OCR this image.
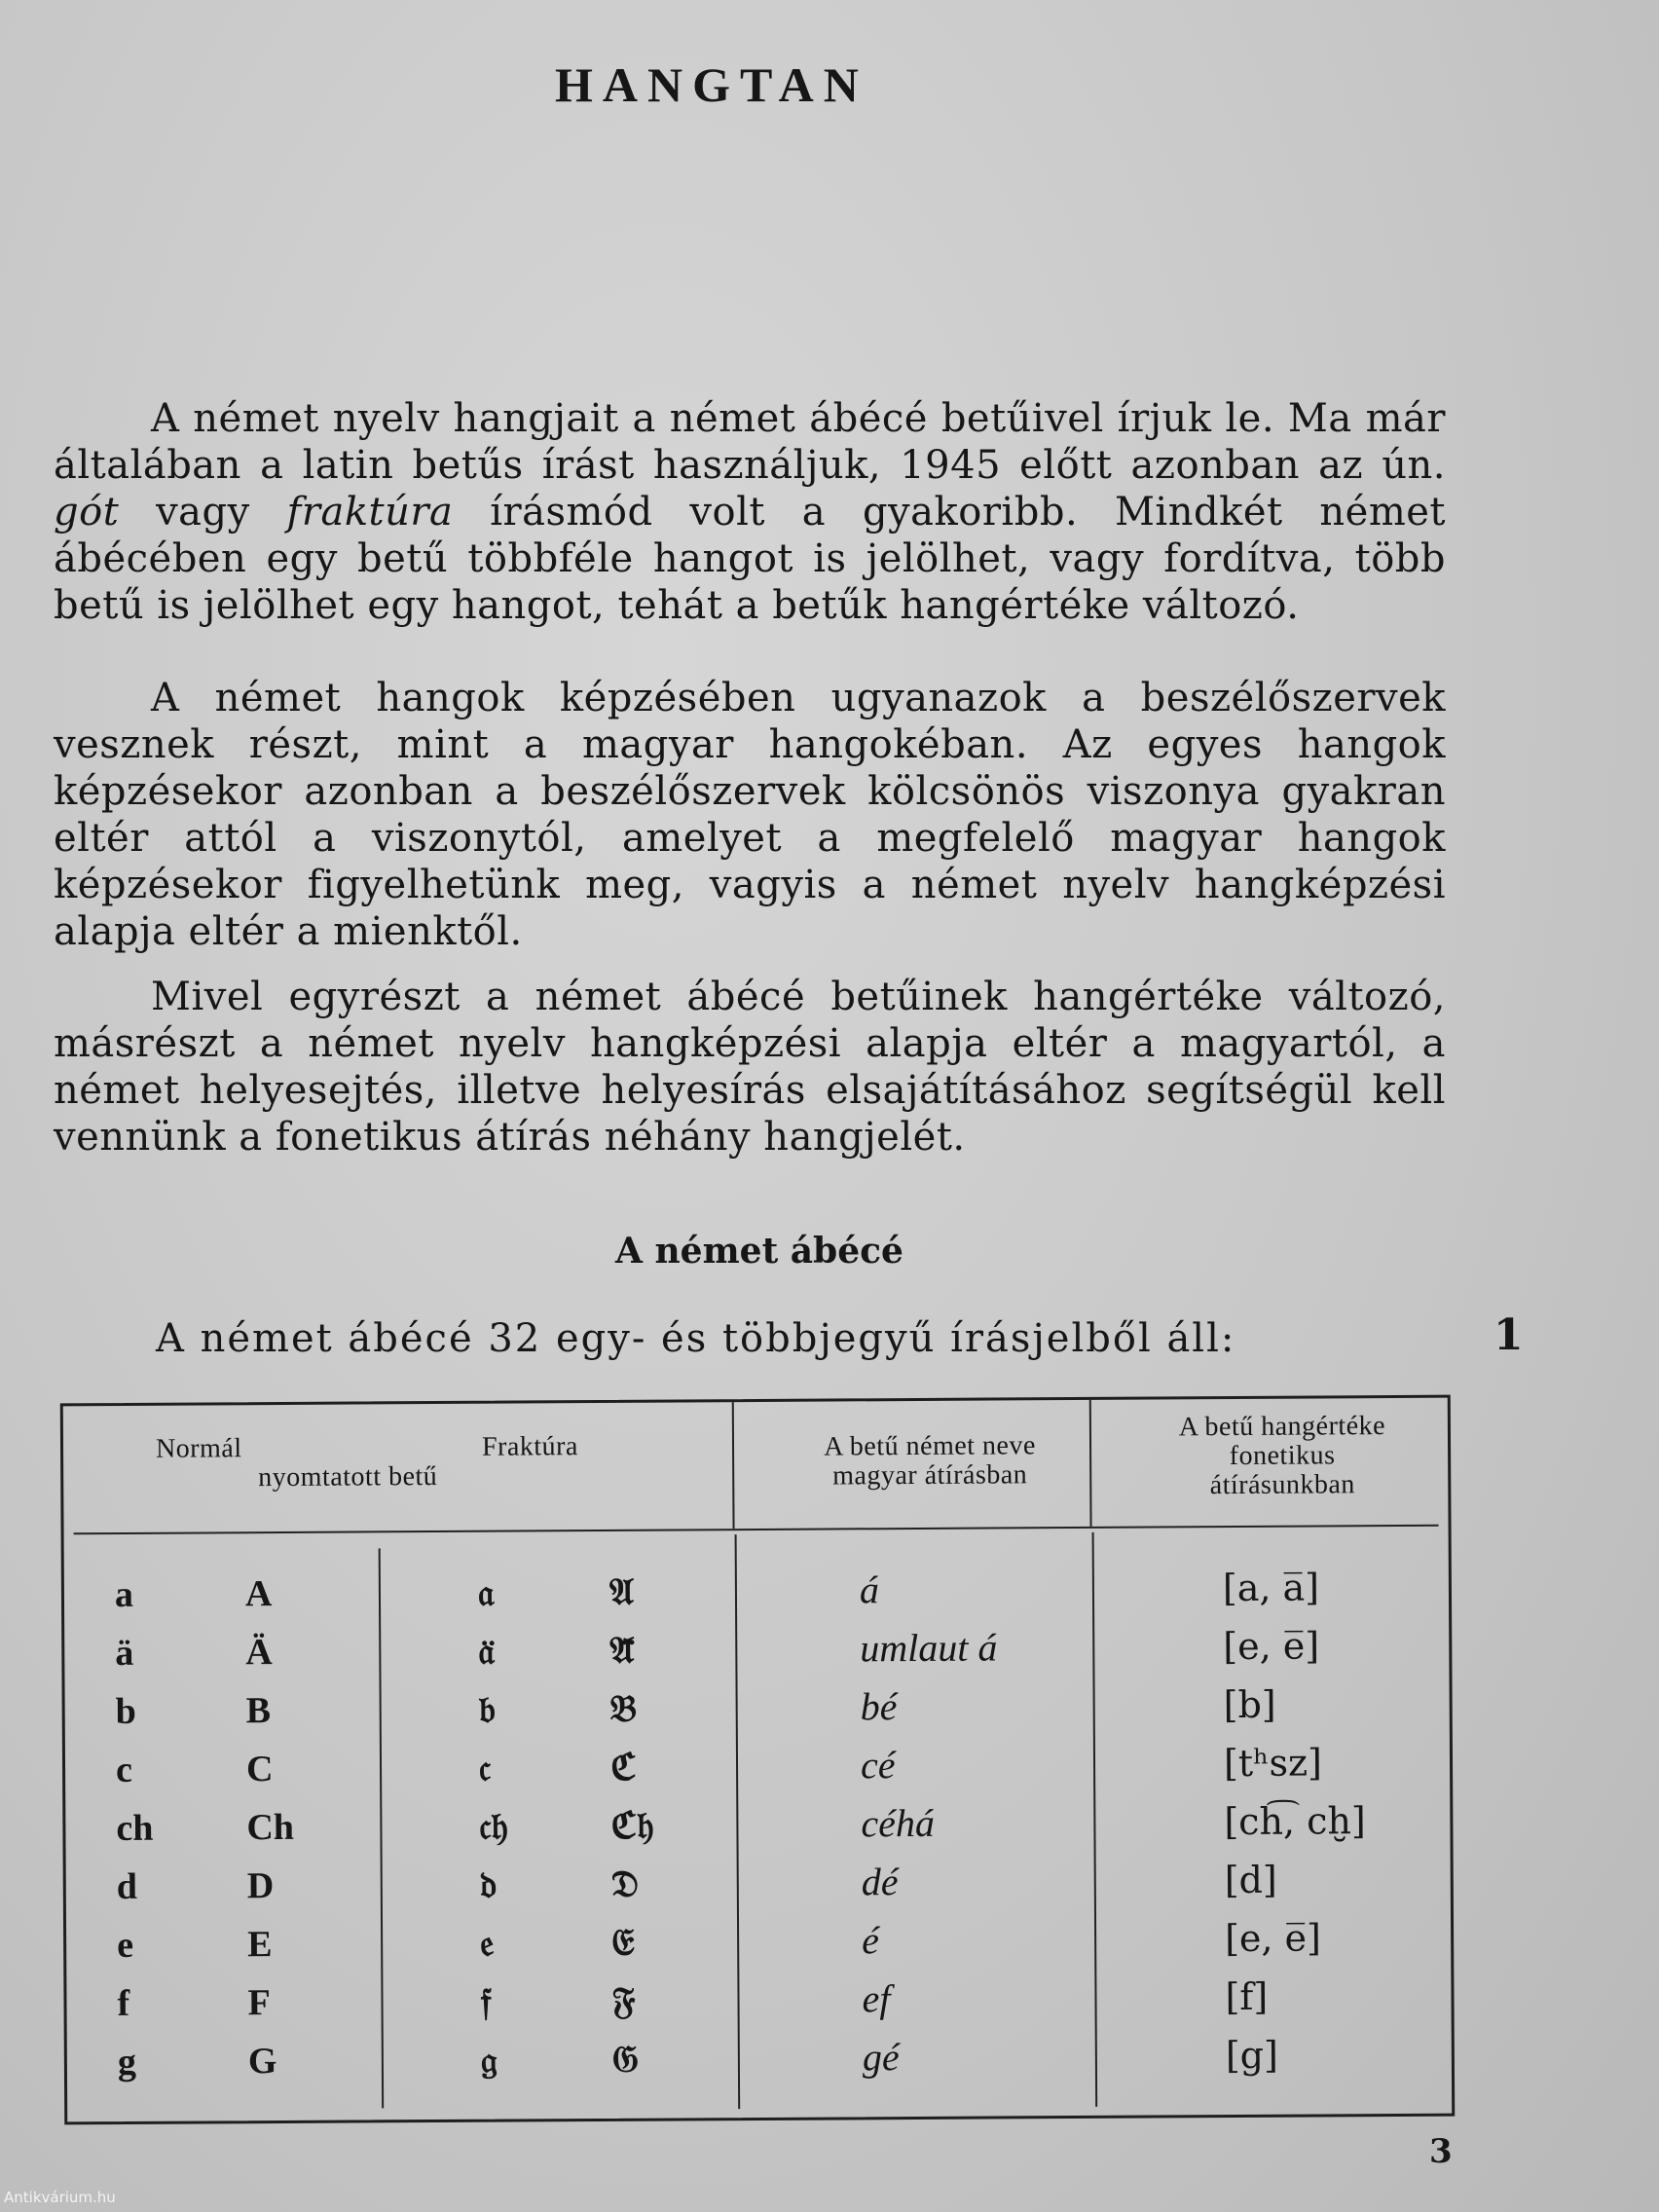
HANGTAN

A német nyelv hangjait a német ábécé betűivel írjuk le. Ma már általában a latin betűs írást használjuk, 1945 előtt azonban az ún. gót vagy fraktúra írásmód volt a gyakoribb. Mindkét német ábécében egy betű többféle hangot is jelölhet, vagy fordítva, több betű is jelölhet egy hangot, tehát a betűk hangértéke változó.

A német hangok képzésében ugyanazok a beszélőszervek vesznek részt, mint a magyar hangokéban. Az egyes hangok képzésekor azonban a beszélőszervek kölcsönös viszonya gyakran eltér attól a viszonytól, amelyet a megfelelő magyar hangok képzésekor figyelhetünk meg, vagyis a német nyelv hangképzési alapja eltér a mienktől.

Mivel egyrészt a német ábécé betűinek hangértéke változó, másrészt a német nyelv hangképzési alapja eltér a magyartól, a német helyesejtés, illetve helyesírás elsajátításához segítségül kell vennünk a fonetikus átírás néhány hangjelét.

A német ábécé

A német ábécé 32 egy- és többjegyű írásjelből áll:	1
Normál	Fraktúra
nyomtatott betű
A betű német neve
magyar átírásban
A betű hangértéke
fonetikus
átírásunkban
a	A	𝔞	𝔄	á	[a, a̅]
ä	Ä	𝔞̈	𝔄̈	umlaut á	[e, e̅]
b	B	𝔟	𝔅	bé	[b]
c	C	𝔠	ℭ	cé	[tʰsz]
ch	Ch	𝔠𝔥	ℭ𝔥	céhá	[ch͡, cḫ]
d	D	𝔡	𝔇	dé	[d]
e	E	𝔢	𝔈	é	[e, e̅]
f	F	𝔣	𝔉	ef	[f]
g	G	𝔤	𝔊	gé	[g]
3
Antikvárium.hu
